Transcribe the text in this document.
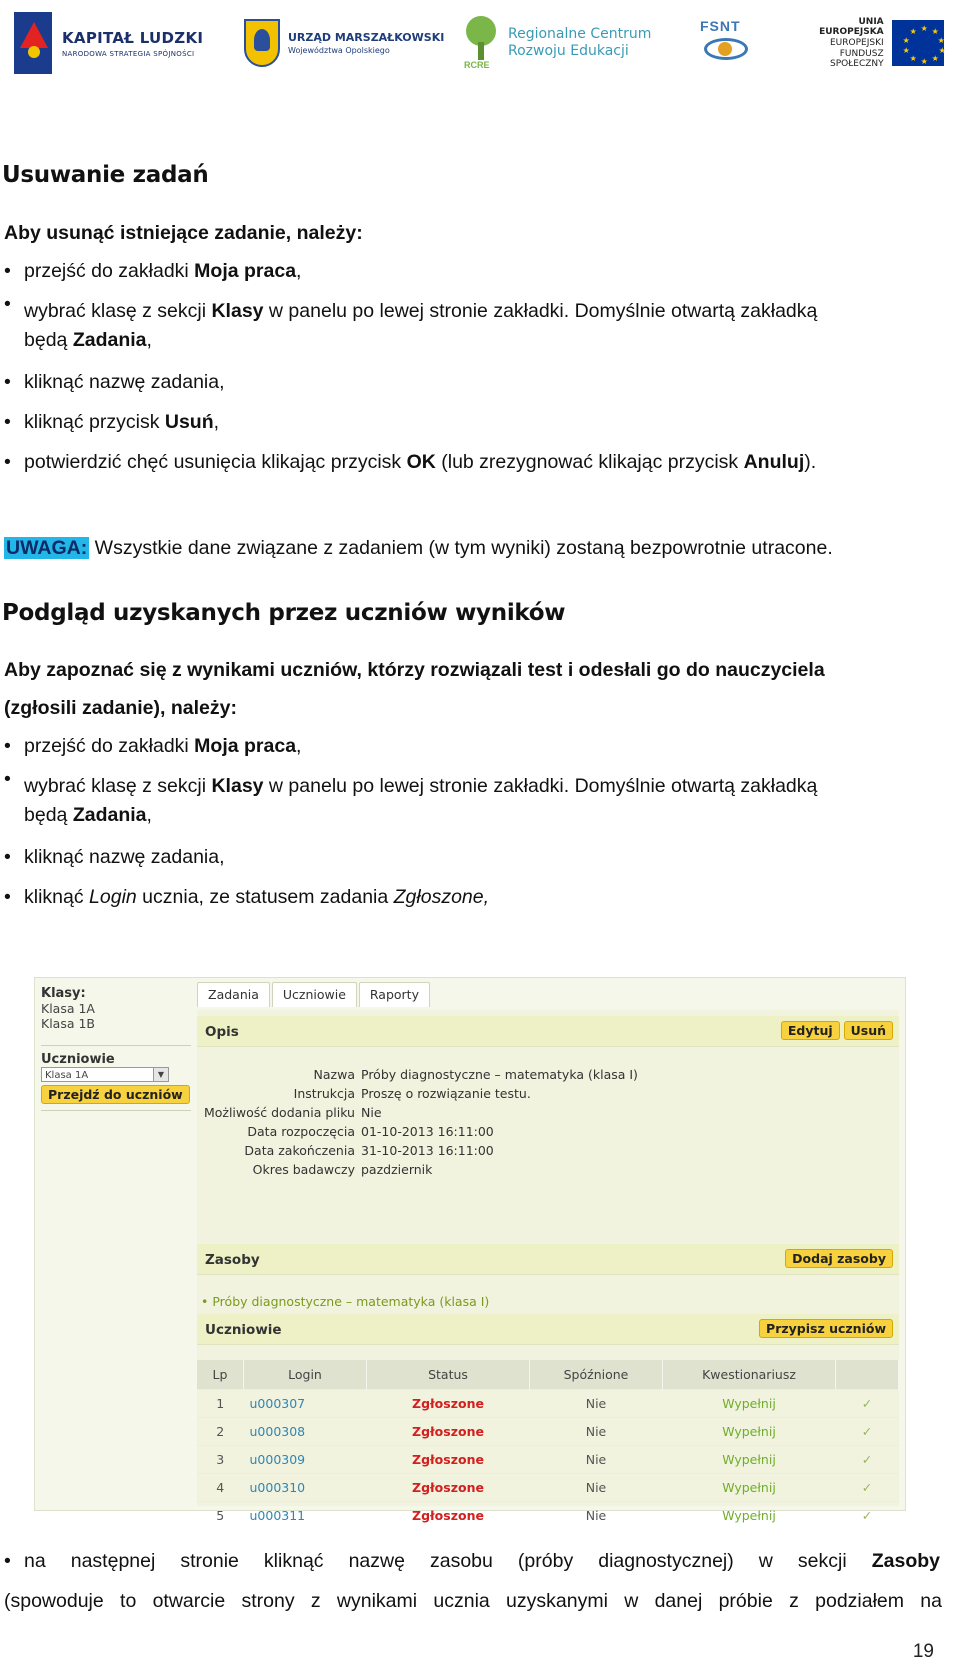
KAPITAŁ LUDZKI
NARODOWA STRATEGIA SPÓJNOŚCI
URZĄD MARSZAŁKOWSKI
Województwa Opolskiego
RCRE
Regionalne Centrum
Rozwoju Edukacji
FSNT	UNIA EUROPEJSKA
EUROPEJSKI
FUNDUSZ SPOŁECZNY
★ ★
★
★
★
★
★
★
★
★
Usuwanie zadań
Aby usunąć istniejące zadanie, należy:
• przejść do zakładki Moja praca,
• wybrać klasę z sekcji Klasy w panelu po lewej stronie zakładki. Domyślnie otwartą zakładką
będą Zadania,
• kliknąć nazwę zadania,
• kliknąć przycisk Usuń,
• potwierdzić chęć usunięcia klikając przycisk OK (lub zrezygnować klikając przycisk Anuluj).
UWAGA: Wszystkie dane związane z zadaniem (w tym wyniki) zostaną bezpowrotnie utracone.
Podgląd uzyskanych przez uczniów wyników
Aby zapoznać się z wynikami uczniów, którzy rozwiązali test i odesłali go do nauczyciela
(zgłosili zadanie), należy:
• przejść do zakładki Moja praca,
• wybrać klasę z sekcji Klasy w panelu po lewej stronie zakładki. Domyślnie otwartą zakładką
będą Zadania,
• kliknąć nazwę zadania,
• kliknąć Login ucznia, ze statusem zadania Zgłoszone,
Klasy:
Klasa 1A
Klasa 1B
Uczniowie
Klasa 1A	▼
Przejdź do uczniów
Zadania Uczniowie Raporty
Opis	Edytuj Usuń
Nazwa Próby diagnostyczne – matematyka (klasa I)
Instrukcja Proszę o rozwiązanie testu.
Możliwość dodania pliku Nie
Data rozpoczęcia 01-10-2013 16:11:00
Data zakończenia 31-10-2013 16:11:00
Okres badawczy pazdziernik
Zasoby	Dodaj zasoby
• Próby diagnostyczne – matematyka (klasa I)
Uczniowie	Przypisz uczniów
Lp	Login	Status	Spóźnione	Kwestionariusz	
1	u000307	Zgłoszone	Nie	Wypełnij	✓
2	u000308	Zgłoszone	Nie	Wypełnij	✓
3	u000309	Zgłoszone	Nie	Wypełnij	✓
4	u000310	Zgłoszone	Nie	Wypełnij	✓
5	u000311	Zgłoszone	Nie	Wypełnij	✓
• na następnej stronie kliknąć nazwę zasobu (próby diagnostycznej) w sekcji Zasoby
(spowoduje to otwarcie strony z wynikami ucznia uzyskanymi w danej próbie z podziałem na
19
